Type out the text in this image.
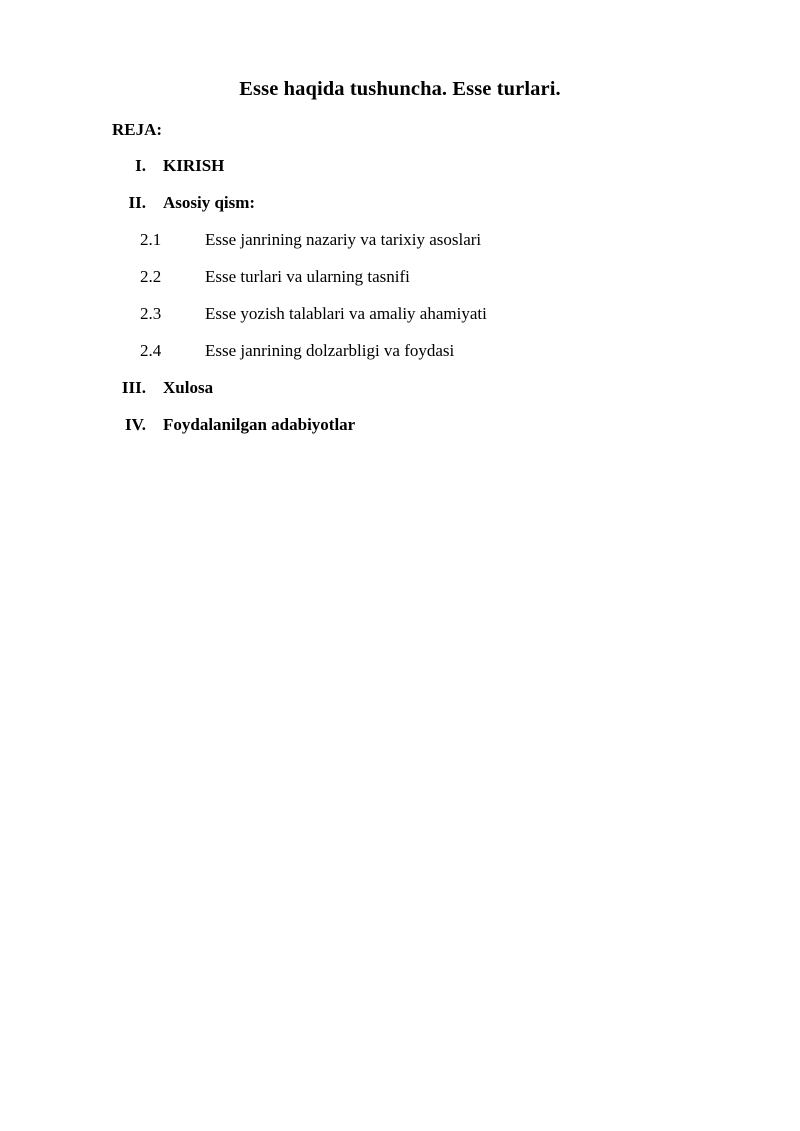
Esse haqida tushuncha. Esse turlari.
REJA:
I. KIRISH
II. Asosiy qism:
2.1	Esse janrining nazariy va tarixiy asoslari
2.2	Esse turlari va ularning tasnifi
2.3	Esse yozish talablari va amaliy ahamiyati
2.4	Esse janrining dolzarbligi va foydasi
III. Xulosa
IV. Foydalanilgan adabiyotlar
